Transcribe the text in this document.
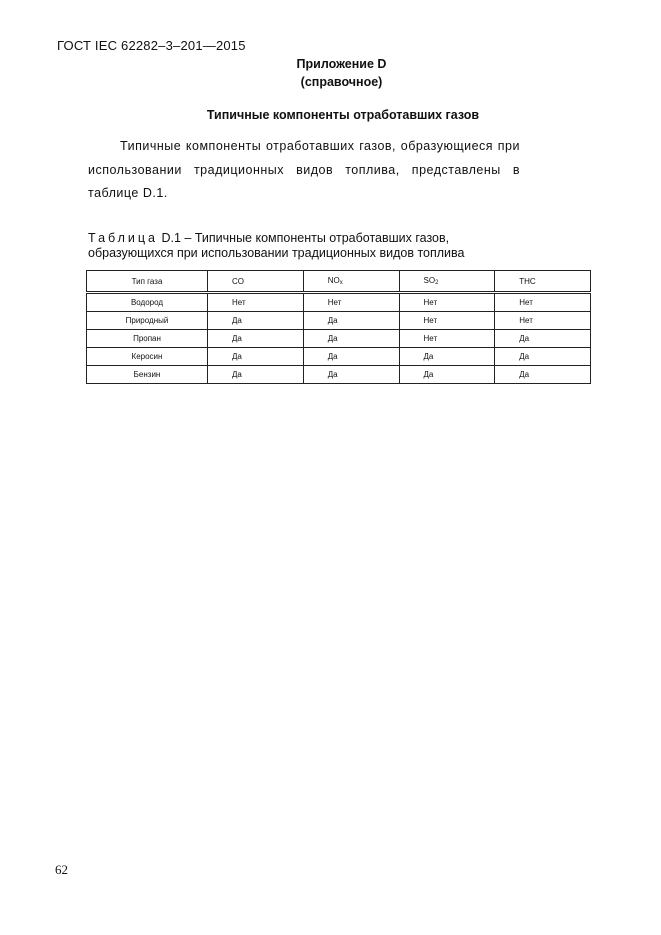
ГОСТ IEC 62282–3–201—2015
Приложение D
(справочное)
Типичные компоненты отработавших газов
Типичные компоненты отработавших газов, образующиеся при
использовании традиционных видов топлива, представлены в
таблице D.1.
Таблица D.1 – Типичные компоненты отработавших газов,
образующихся при использовании традиционных видов топлива
Тип газа	CO	$NO_x$	$SO_2$	THC
Водород	Нет	Нет	Нет	Нет
Природный	Да	Да	Нет	Нет
Пропан	Да	Да	Нет	Да
Керосин	Да	Да	Да	Да
Бензин	Да	Да	Да	Да
62
